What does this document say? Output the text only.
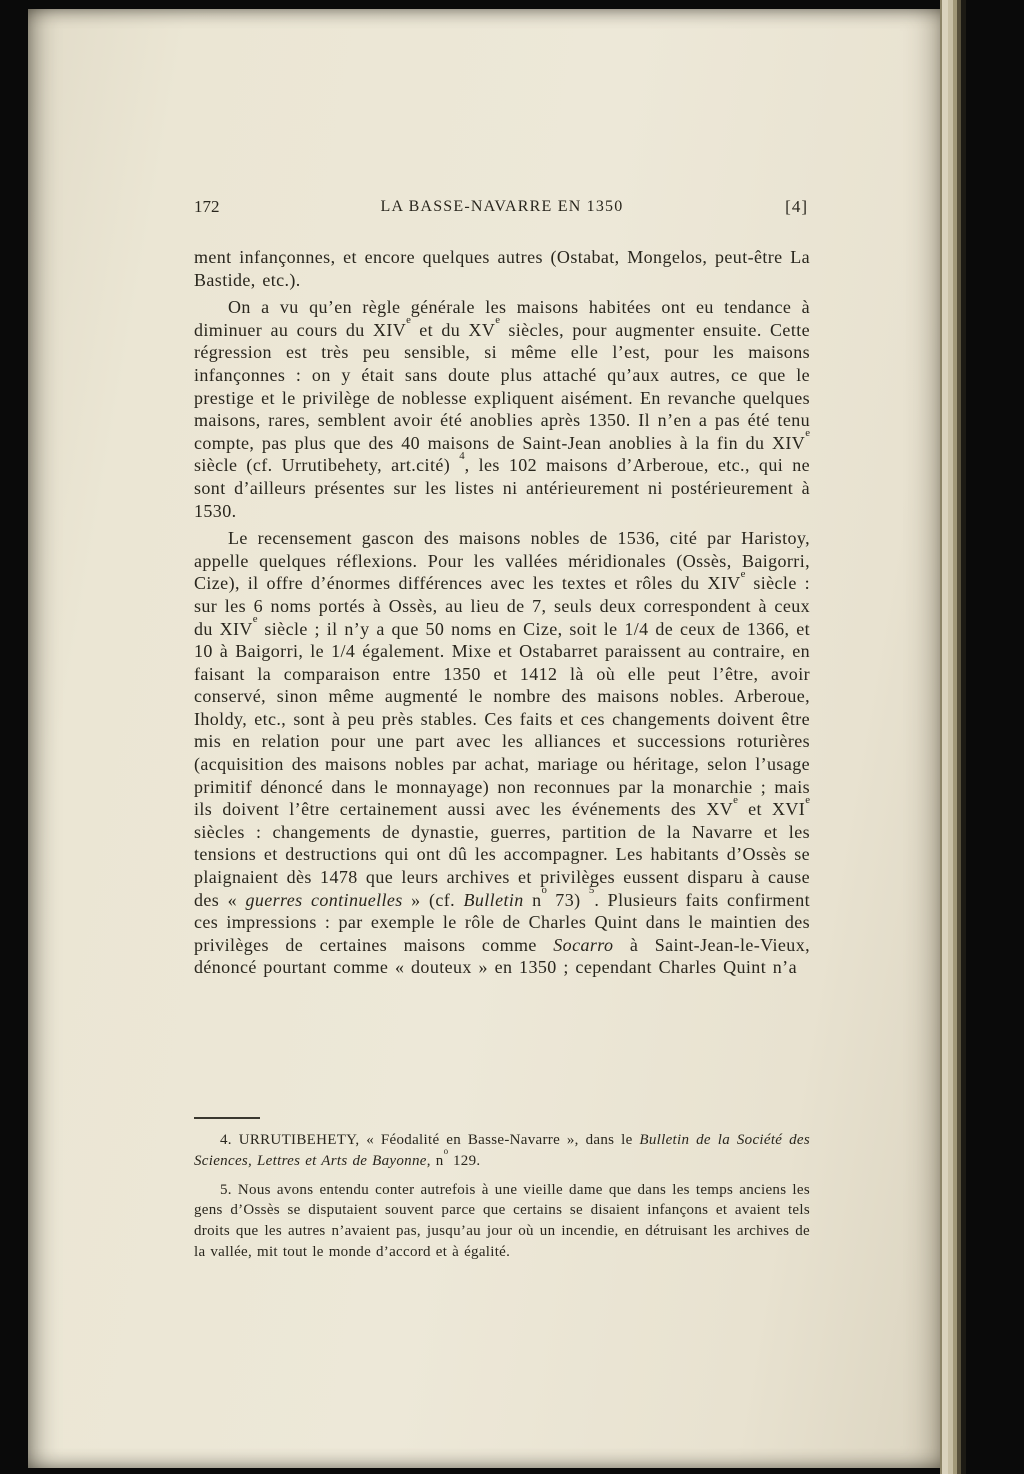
172	LA BASSE-NAVARRE EN 1350	[4]

ment infançonnes, et encore quelques autres (Ostabat, Mongelos, peut-être La Bastide, etc.).

On a vu qu’en règle générale les maisons habitées ont eu tendance à diminuer au cours du XIVe et du XVe siècles, pour augmenter ensuite. Cette régression est très peu sensible, si même elle l’est, pour les maisons infançonnes : on y était sans doute plus attaché qu’aux autres, ce que le prestige et le privilège de noblesse expliquent aisément. En revanche quelques maisons, rares, semblent avoir été anoblies après 1350. Il n’en a pas été tenu compte, pas plus que des 40 maisons de Saint-Jean anoblies à la fin du XIVe siècle (cf. Urrutibehety, art.cité) $^4$, les 102 maisons d’Arberoue, etc., qui ne sont d’ailleurs présentes sur les listes ni antérieurement ni postérieurement à 1530.

Le recensement gascon des maisons nobles de 1536, cité par Haristoy, appelle quelques réflexions. Pour les vallées méridionales (Ossès, Baigorri, Cize), il offre d’énormes différences avec les textes et rôles du XIVe siècle : sur les 6 noms portés à Ossès, au lieu de 7, seuls deux correspondent à ceux du XIVe siècle ; il n’y a que 50 noms en Cize, soit le 1/4 de ceux de 1366, et 10 à Baigorri, le 1/4 également. Mixe et Ostabarret paraissent au contraire, en faisant la comparaison entre 1350 et 1412 là où elle peut l’être, avoir conservé, sinon même augmenté le nombre des maisons nobles. Arberoue, Iholdy, etc., sont à peu près stables. Ces faits et ces changements doivent être mis en relation pour une part avec les alliances et successions roturières (acquisition des maisons nobles par achat, mariage ou héritage, selon l’usage primitif dénoncé dans le monnayage) non reconnues par la monarchie ; mais ils doivent l’être certainement aussi avec les événements des XVe et XVIe siècles : changements de dynastie, guerres, partition de la Navarre et les tensions et destructions qui ont dû les accompagner. Les habitants d’Ossès se plaignaient dès 1478 que leurs archives et privilèges eussent disparu à cause des « guerres continuelles » (cf. Bulletin $n^o$ 73) $^5$. Plusieurs faits confirment ces impressions : par exemple le rôle de Charles Quint dans le maintien des privilèges de certaines maisons comme Socarro à Saint-Jean-le-Vieux, dénoncé pourtant comme « douteux » en 1350 ; cependant Charles Quint n’a

4. URRUTIBEHETY, « Féodalité en Basse-Navarre », dans le Bulletin de la Société des Sciences, Lettres et Arts de Bayonne, $n^o$ 129.

5. Nous avons entendu conter autrefois à une vieille dame que dans les temps anciens les gens d’Ossès se disputaient souvent parce que certains se disaient infançons et avaient tels droits que les autres n’avaient pas, jusqu’au jour où un incendie, en détruisant les archives de la vallée, mit tout le monde d’accord et à égalité.
